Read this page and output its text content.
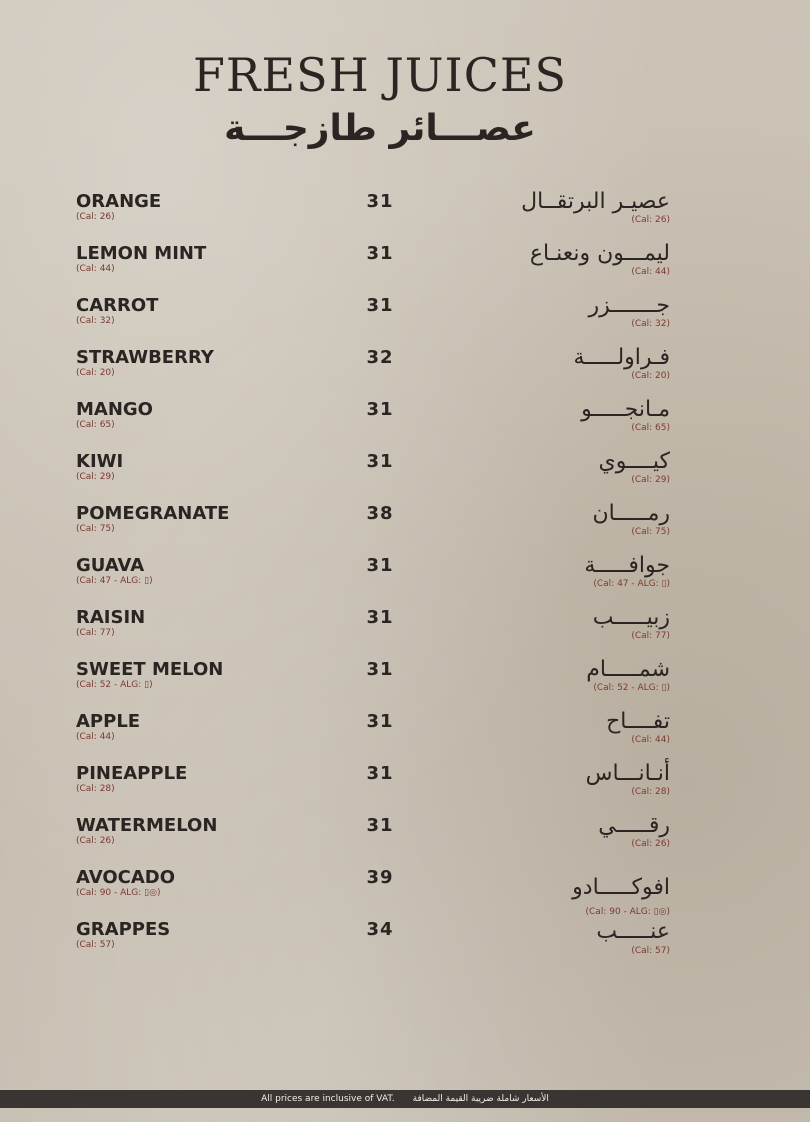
FRESH JUICES
عصـــائر طازجـــة
ORANGE
(Cal: 26)
31	عصيـر البرتقــال
(Cal: 26)
LEMON MINT
(Cal: 44)
31	ليمـــون ونعنـاع
(Cal: 44)
CARROT
(Cal: 32)
31	جـــــــزر
(Cal: 32)
STRAWBERRY
(Cal: 20)
32	فـراولـــــة
(Cal: 20)
MANGO
(Cal: 65)
31	مـانجـــــو
(Cal: 65)
KIWI
(Cal: 29)
31	كيــــوي
(Cal: 29)
POMEGRANATE
(Cal: 75)
38	رمـــــان
(Cal: 75)
GUAVA
(Cal: 47 - ALG: ▯)
31	جوافـــــة
(Cal: 47 - ALG: ▯)
RAISIN
(Cal: 77)
31	زبيـــــب
(Cal: 77)
SWEET MELON
(Cal: 52 - ALG: ▯)
31	شمـــــام
(Cal: 52 - ALG: ▯)
APPLE
(Cal: 44)
31	تفــــاح
(Cal: 44)
PINEAPPLE
(Cal: 28)
31	أنـانـــاس
(Cal: 28)
WATERMELON
(Cal: 26)
31	رقـــــي
(Cal: 26)
AVOCADO
(Cal: 90 - ALG: ▯◎)
39	افوكـــــادو
(Cal: 90 - ALG: ▯◎)
GRAPPES
(Cal: 57)
34	عنـــــب
(Cal: 57)
All prices are inclusive of VAT. الأسعار شاملة ضريبة القيمة المضافة
